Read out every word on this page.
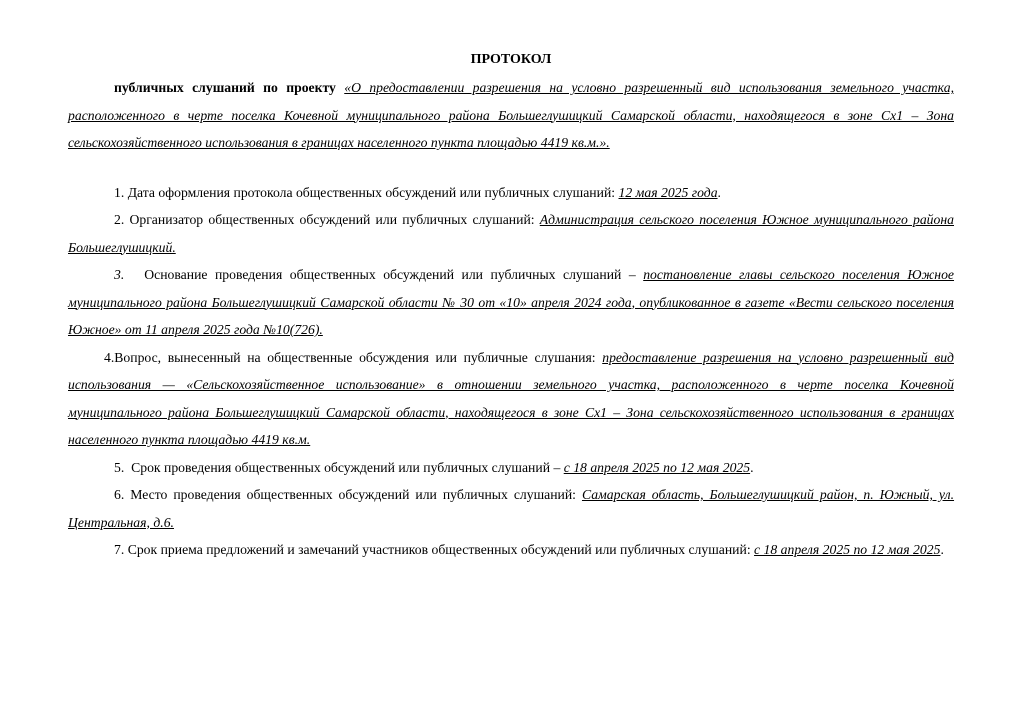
ПРОТОКОЛ

публичных слушаний по проекту «О предоставлении разрешения на условно разрешенный вид использования земельного участка, расположенного в черте поселка Кочевной муниципального района Большеглушицкий Самарской области, находящегося в зоне Сх1 – Зона сельскохозяйственного использования в границах населенного пункта площадью 4419 кв.м.».

1. Дата оформления протокола общественных обсуждений или публичных слушаний: 12 мая 2025 года.

2. Организатор общественных обсуждений или публичных слушаний: Администрация сельского поселения Южное муниципального района Большеглушицкий.

3. Основание проведения общественных обсуждений или публичных слушаний – постановление главы сельского поселения Южное муниципального района Большеглушицкий Самарской области № 30 от «10» апреля 2024 года, опубликованное в газете «Вести сельского поселения Южное» от 11 апреля 2025 года №10(726).

4.Вопрос, вынесенный на общественные обсуждения или публичные слушания: предоставление разрешения на условно разрешенный вид использования — «Сельскохозяйственное использование» в отношении земельного участка, расположенного в черте поселка Кочевной муниципального района Большеглушицкий Самарской области, находящегося в зоне Сх1 – Зона сельскохозяйственного использования в границах населенного пункта площадью 4419 кв.м.

5. Срок проведения общественных обсуждений или публичных слушаний – с 18 апреля 2025 по 12 мая 2025.

6. Место проведения общественных обсуждений или публичных слушаний: Самарская область, Большеглушицкий район, п. Южный, ул. Центральная, д.6.

7. Срок приема предложений и замечаний участников общественных обсуждений или публичных слушаний: с 18 апреля 2025 по 12 мая 2025.
